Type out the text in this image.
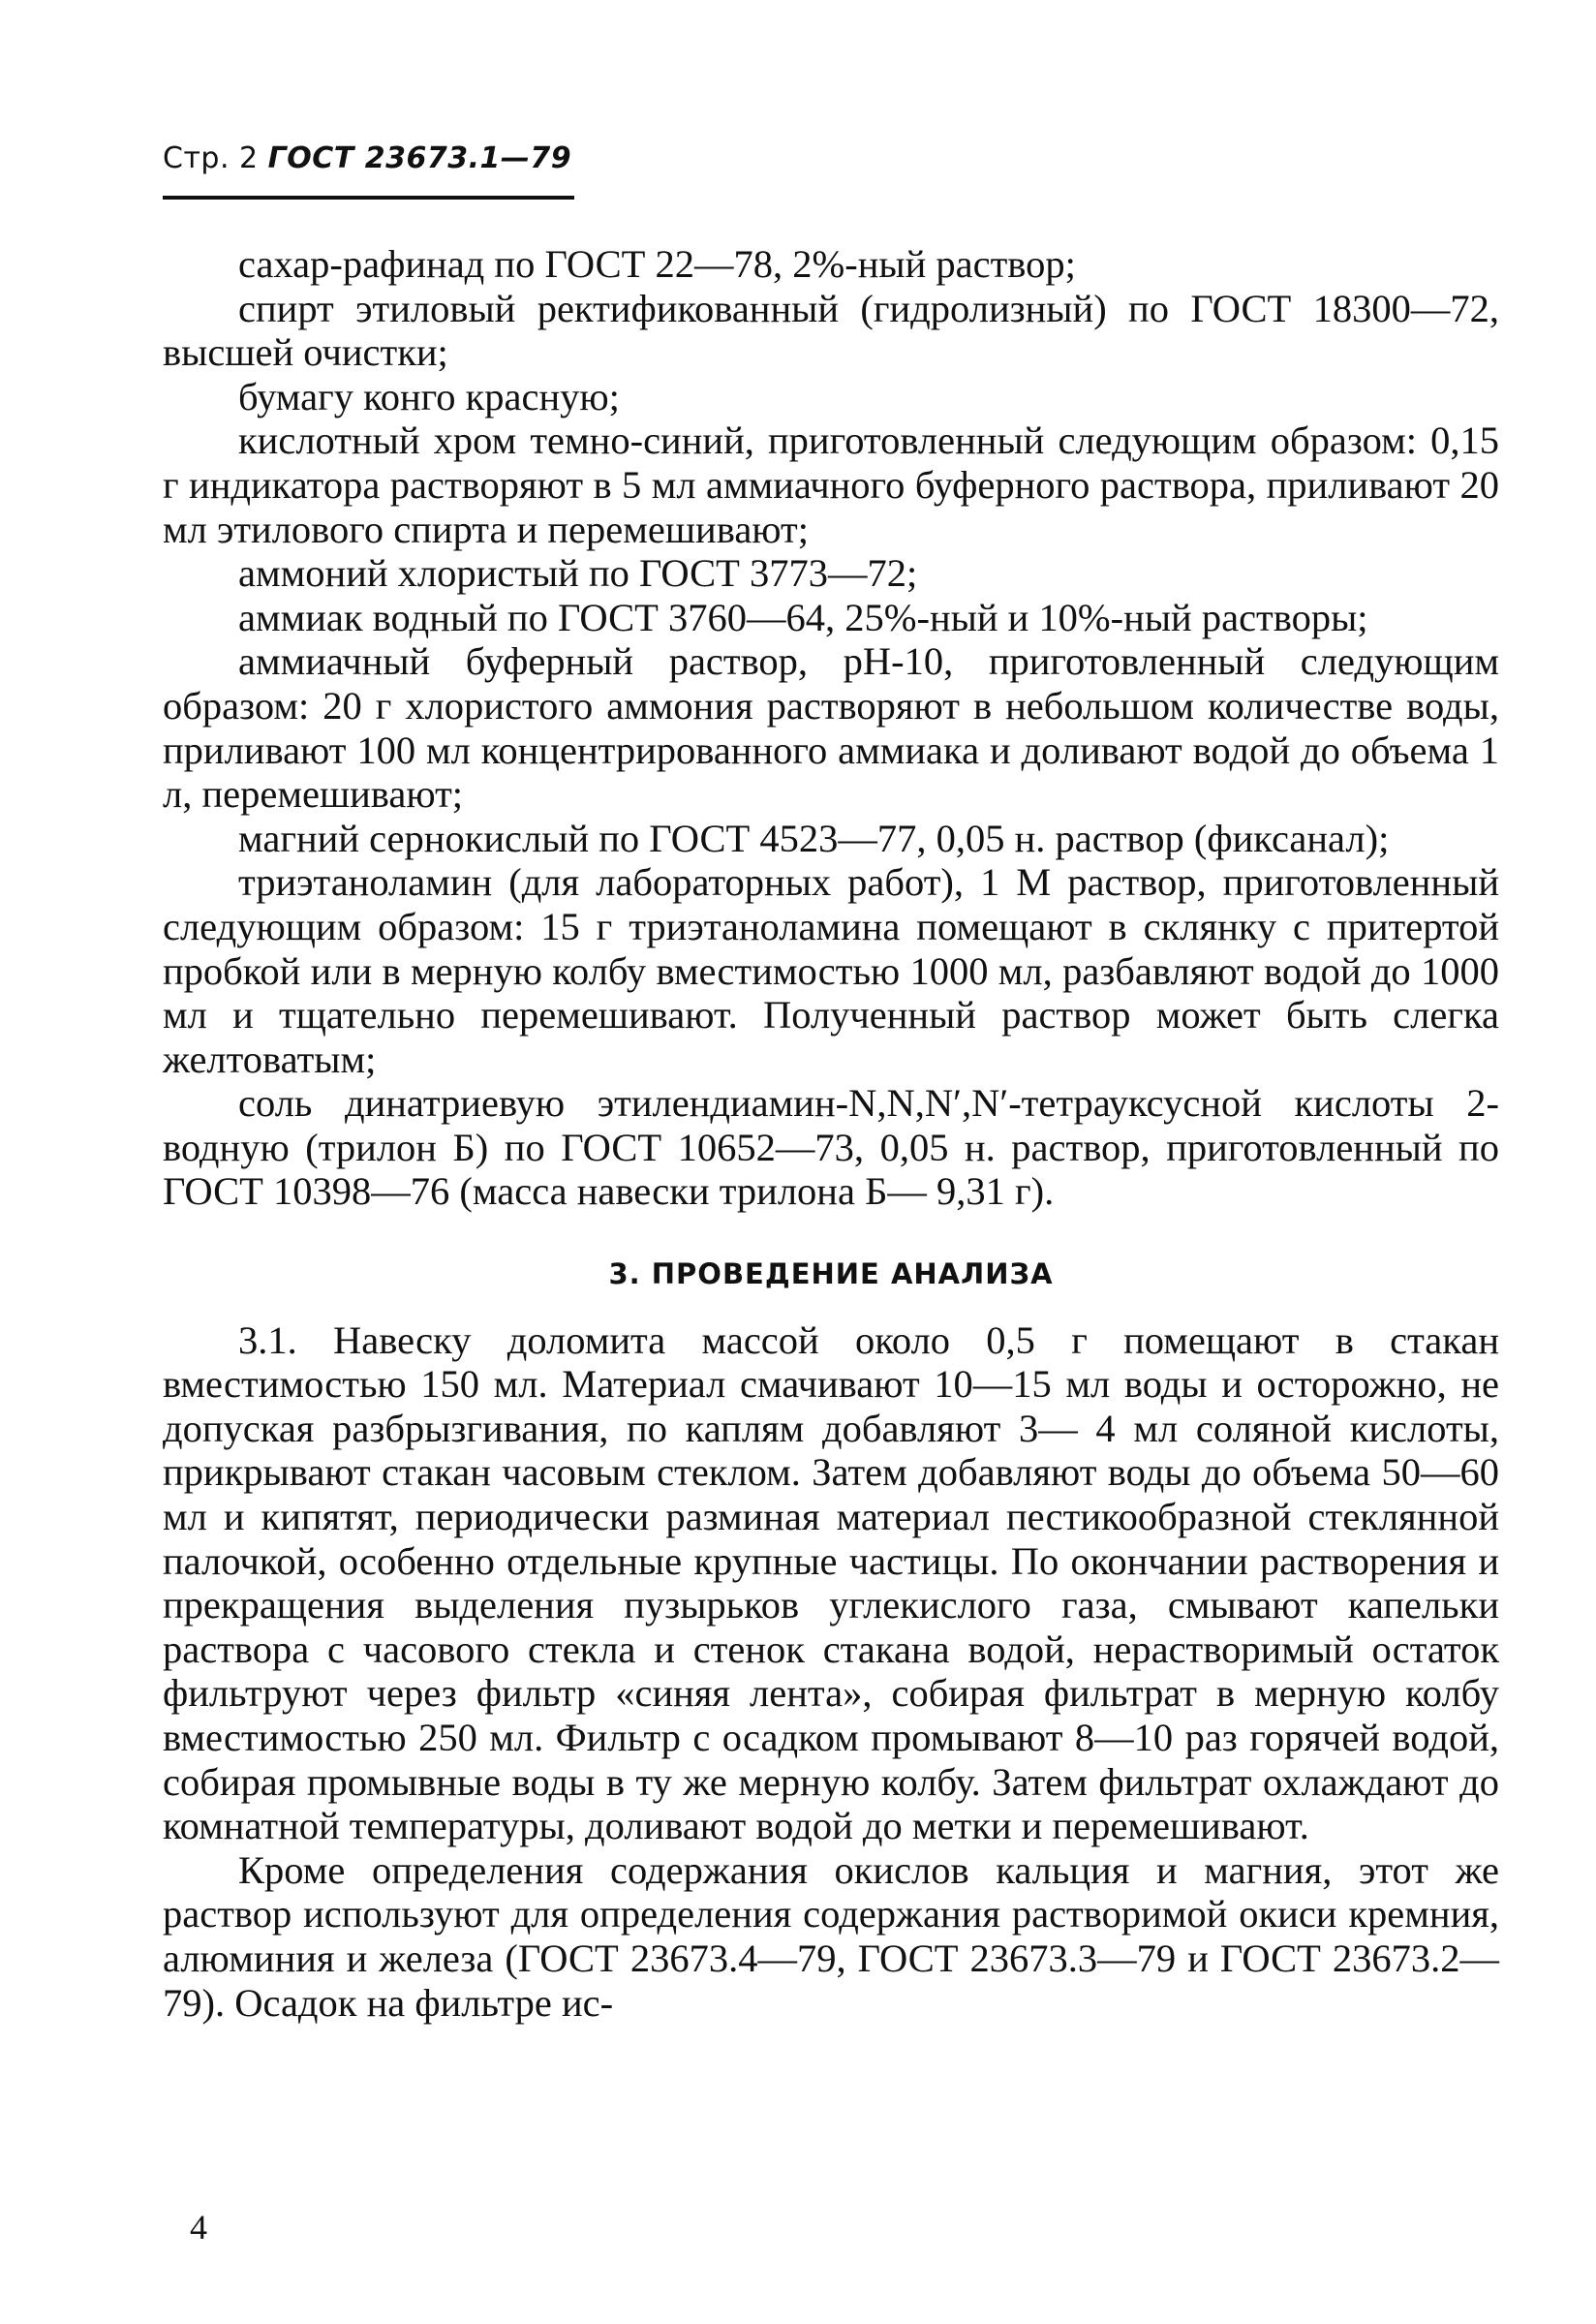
Стр. 2 ГОСТ 23673.1—79

сахар-рафинад по ГОСТ 22—78, 2%-ный раствор;

спирт этиловый ректификованный (гидролизный) по ГОСТ 18300—72, высшей очистки;

бумагу конго красную;

кислотный хром темно-синий, приготовленный следующим образом: 0,15 г индикатора растворяют в 5 мл аммиачного буферного раствора, приливают 20 мл этилового спирта и перемешивают;

аммоний хлористый по ГОСТ 3773—72;

аммиак водный по ГОСТ 3760—64, 25%-ный и 10%-ный растворы;

аммиачный буферный раствор, рН-10, приготовленный следующим образом: 20 г хлористого аммония растворяют в небольшом количестве воды, приливают 100 мл концентрированного аммиака и доливают водой до объема 1 л, перемешивают;

магний сернокислый по ГОСТ 4523—77, 0,05 н. раствор (фиксанал);

триэтаноламин (для лабораторных работ), 1 М раствор, приготовленный следующим образом: 15 г триэтаноламина помещают в склянку с притертой пробкой или в мерную колбу вместимостью 1000 мл, разбавляют водой до 1000 мл и тщательно перемешивают. Полученный раствор может быть слегка желтоватым;

соль динатриевую этилендиамин-N,N,N′,N′-тетрауксусной кислоты 2-водную (трилон Б) по ГОСТ 10652—73, 0,05 н. раствор, приготовленный по ГОСТ 10398—76 (масса навески трилона Б— 9,31 г).

3. ПРОВЕДЕНИЕ АНАЛИЗА

3.1. Навеску доломита массой около 0,5 г помещают в стакан вместимостью 150 мл. Материал смачивают 10—15 мл воды и осторожно, не допуская разбрызгивания, по каплям добавляют 3— 4 мл соляной кислоты, прикрывают стакан часовым стеклом. Затем добавляют воды до объема 50—60 мл и кипятят, периодически разминая материал пестикообразной стеклянной палочкой, особенно отдельные крупные частицы. По окончании растворения и прекращения выделения пузырьков углекислого газа, смывают капельки раствора с часового стекла и стенок стакана водой, нерастворимый остаток фильтруют через фильтр «синяя лента», собирая фильтрат в мерную колбу вместимостью 250 мл. Фильтр с осадком промывают 8—10 раз горячей водой, собирая промывные воды в ту же мерную колбу. Затем фильтрат охлаждают до комнатной температуры, доливают водой до метки и перемешивают.

Кроме определения содержания окислов кальция и магния, этот же раствор используют для определения содержания растворимой окиси кремния, алюминия и железа (ГОСТ 23673.4—79, ГОСТ 23673.3—79 и ГОСТ 23673.2—79). Осадок на фильтре ис-

4
